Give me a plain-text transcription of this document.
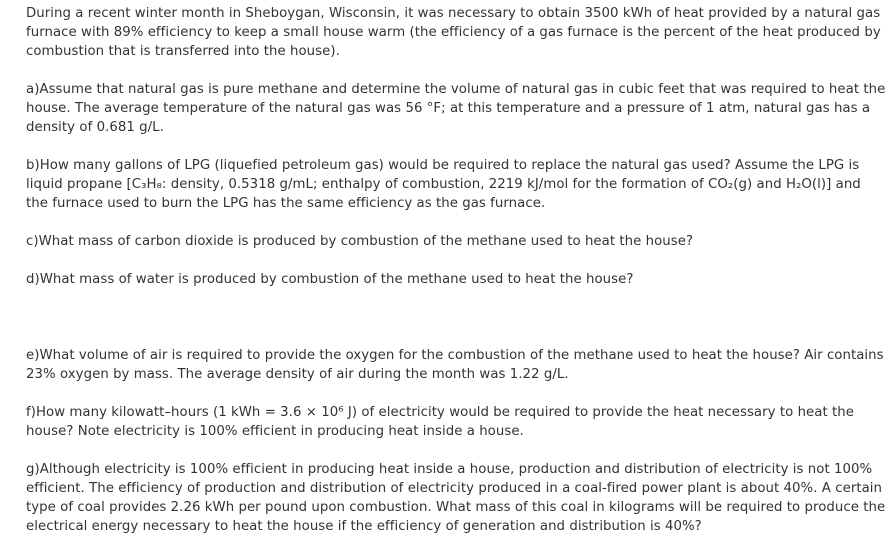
During a recent winter month in Sheboygan, Wisconsin, it was necessary to obtain 3500 kWh of heat provided by a natural gas furnace with 89% efficiency to keep a small house warm (the efficiency of a gas furnace is the percent of the heat produced by combustion that is transferred into the house).

a)Assume that natural gas is pure methane and determine the volume of natural gas in cubic feet that was required to heat the house. The average temperature of the natural gas was 56 °F; at this temperature and a pressure of 1 atm, natural gas has a density of 0.681 g/L.

b)How many gallons of LPG (liquefied petroleum gas) would be required to replace the natural gas used? Assume the LPG is liquid propane [C₃H₈: density, 0.5318 g/mL; enthalpy of combustion, 2219 kJ/mol for the formation of CO₂(g) and H₂O(l)] and the furnace used to burn the LPG has the same efficiency as the gas furnace.

c)What mass of carbon dioxide is produced by combustion of the methane used to heat the house?

d)What mass of water is produced by combustion of the methane used to heat the house?

e)What volume of air is required to provide the oxygen for the combustion of the methane used to heat the house? Air contains 23% oxygen by mass. The average density of air during the month was 1.22 g/L.

f)How many kilowatt–hours (1 kWh = 3.6 × 10⁶ J) of electricity would be required to provide the heat necessary to heat the house? Note electricity is 100% efficient in producing heat inside a house.

g)Although electricity is 100% efficient in producing heat inside a house, production and distribution of electricity is not 100% efficient. The efficiency of production and distribution of electricity produced in a coal-fired power plant is about 40%. A certain type of coal provides 2.26 kWh per pound upon combustion. What mass of this coal in kilograms will be required to produce the electrical energy necessary to heat the house if the efficiency of generation and distribution is 40%?
